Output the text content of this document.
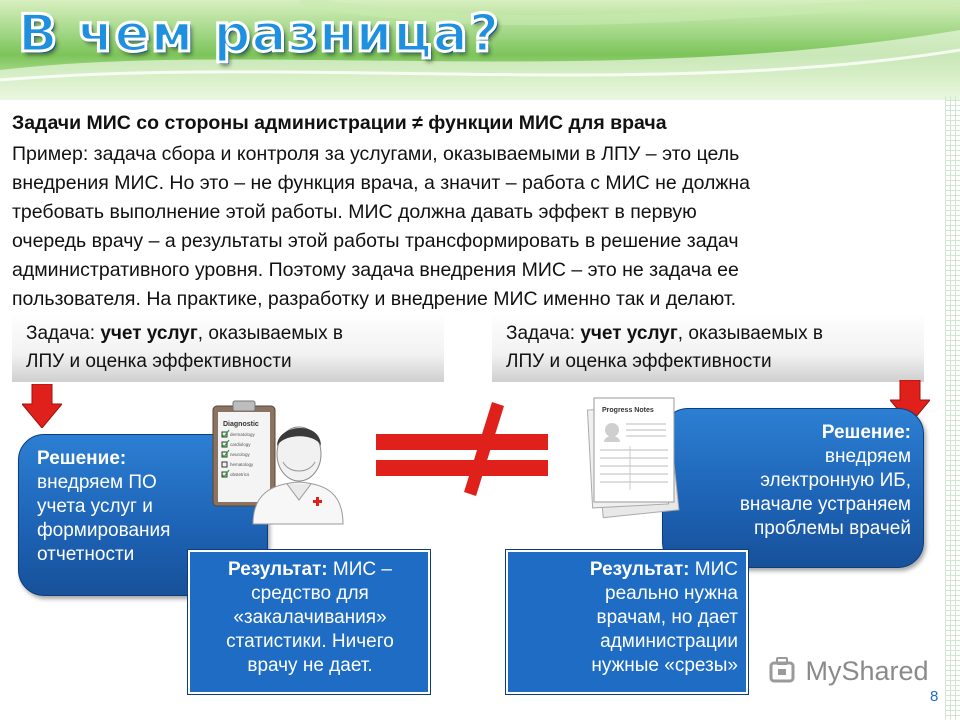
В чем разница?
Задачи МИС со стороны администрации ≠ функции МИС для врача
Пример: задача сбора и контроля за услугами, оказываемыми в ЛПУ – это цель
внедрения МИС. Но это – не функция врача, а значит – работа с МИС не должна
требовать выполнение этой работы. МИС должна давать эффект в первую
очередь врачу – а результаты этой работы трансформировать в решение задач
административного уровня. Поэтому задача внедрения МИС – это не задача ее
пользователя. На практике, разработку и внедрение МИС именно так и делают.
Задача: учет услуг, оказываемых в
ЛПУ и оценка эффективности
Задача: учет услуг, оказываемых в
ЛПУ и оценка эффективности
Решение:
внедряем ПО
учета услуг и
формирования
отчетности
Решение:
внедряем
электронную ИБ,
вначале устраняем
проблемы врачей
Diagnostic
dermatology
cardiology
neurology
hematology
obstetrics
Progress Notes
Результат: МИС –
средство для
«закалачивания»
статистики. Ничего
врачу не дает.
Результат: МИС
реально нужна
врачам, но дает
администрации
нужные «срезы»	MyShared
8
